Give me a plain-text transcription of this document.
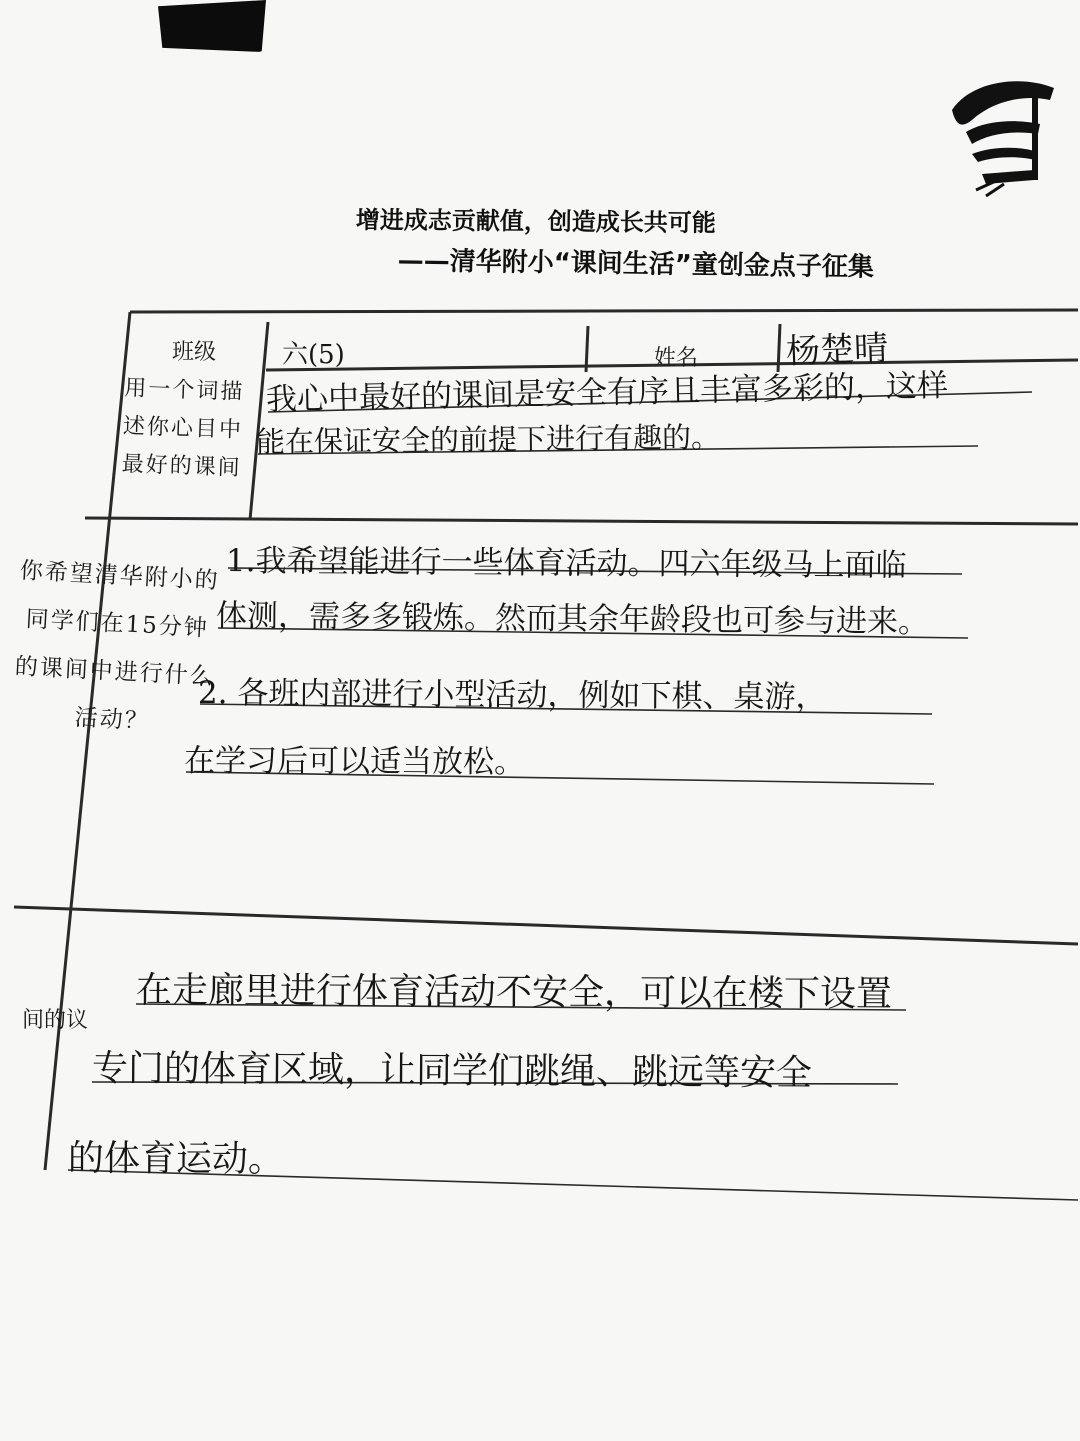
增进成志贡献值，创造成长共可能
——清华附小“课间生活”童创金点子征集
班级	姓名
六(5)	杨楚晴
用一个词描述你心目中最好的课间
我心中最好的课间是安全有序且丰富多彩的，这样
能在保证安全的前提下进行有趣的。
你希望清华附小的同学们在15分钟的课间中进行什么活动？
1.我希望能进行一些体育活动。四六年级马上面临
体测，需多多锻炼。然而其余年龄段也可参与进来。
2. 各班内部进行小型活动，例如下棋、桌游，
在学习后可以适当放松。
间的议
在走廊里进行体育活动不安全，可以在楼下设置
专门的体育区域，让同学们跳绳、跳远等安全
的体育运动。
